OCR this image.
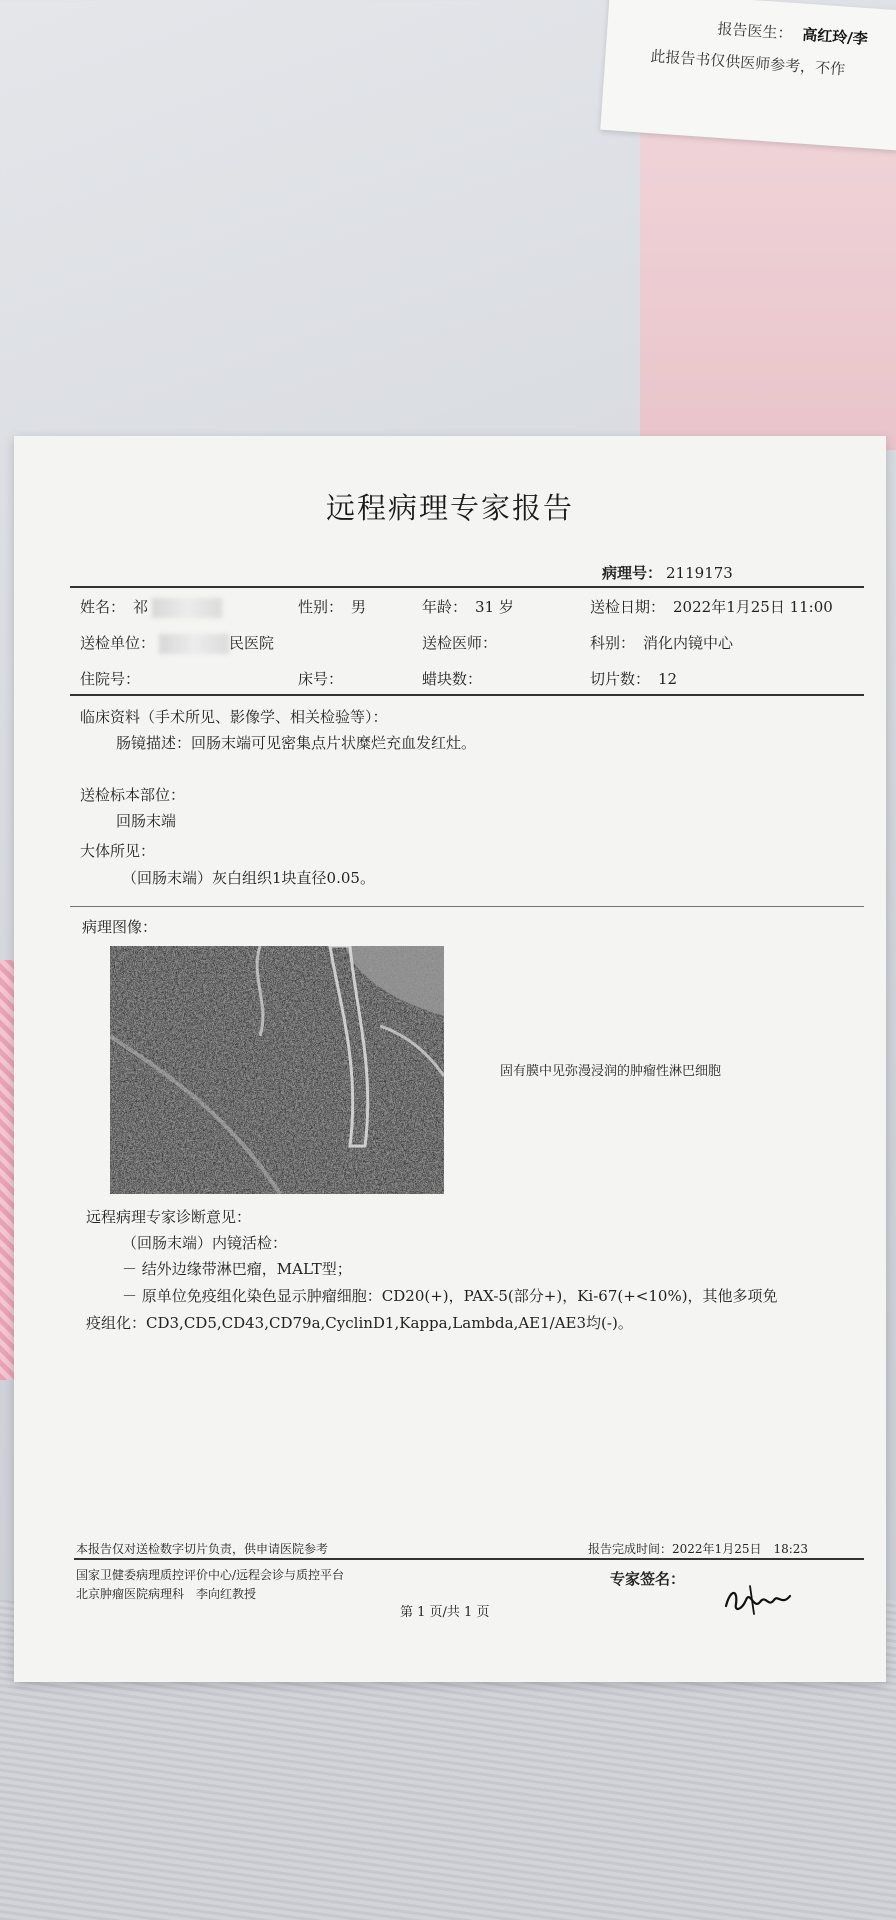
报告医生： 高红玲/李
此报告书仅供医师参考，不作
远程病理专家报告
病理号： 2119173
姓名： 祁	性别： 男	年龄： 31 岁	送检日期： 2022年1月25日 11:00
送检单位：	民医院	送检医师：	科别： 消化内镜中心
住院号：	床号：	蜡块数：	切片数： 12
临床资料（手术所见、影像学、相关检验等）：
肠镜描述：回肠末端可见密集点片状糜烂充血发红灶。
送检标本部位：
回肠末端
大体所见：
（回肠末端）灰白组织1块直径0.05。
病理图像：
固有膜中见弥漫浸润的肿瘤性淋巴细胞
远程病理专家诊断意见：
（回肠末端）内镜活检：
－ 结外边缘带淋巴瘤，MALT型；
－ 原单位免疫组化染色显示肿瘤细胞：CD20(+)，PAX-5(部分+)，Ki-67(+<10%)，其他多项免
疫组化：CD3,CD5,CD43,CD79a,CyclinD1,Kappa,Lambda,AE1/AE3均(-)。
本报告仅对送检数字切片负责，供申请医院参考	报告完成时间：2022年1月25日　18:23
国家卫健委病理质控评价中心/远程会诊与质控平台
北京肿瘤医院病理科　李向红教授
专家签名：
第 1 页/共 1 页
